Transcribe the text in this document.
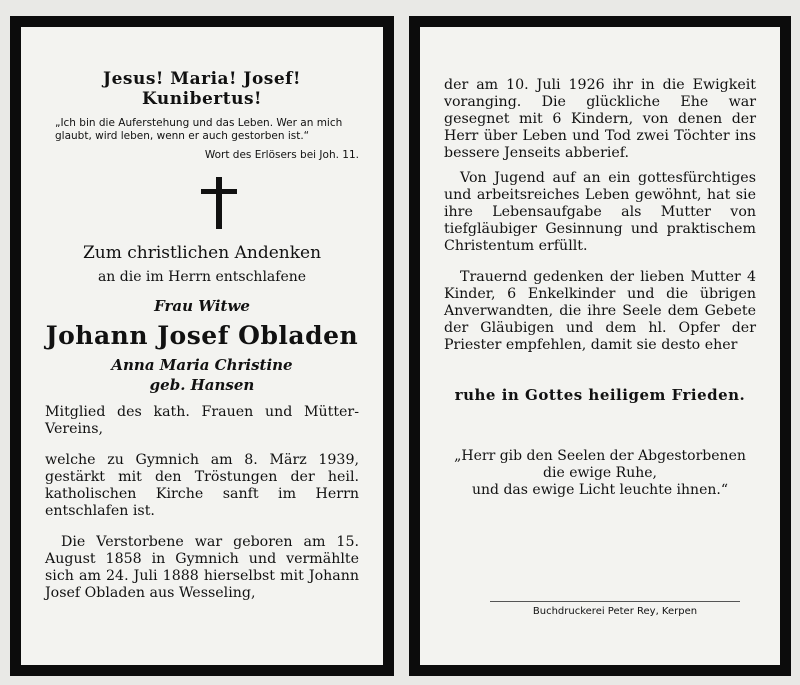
Jesus! Maria! Josef! Kunibertus!

„Ich bin die Auferstehung und das Leben. Wer an mich glaubt, wird leben, wenn er auch gestorben ist.“

Wort des Erlösers bei Joh. 11.

Zum christlichen Andenken
an die im Herrn entschlafene
Frau Witwe
Johann Josef Obladen
Anna Maria Christine
geb. Hansen

Mitglied des kath. Frauen und Mütter-Vereins,

welche zu Gymnich am 8. März 1939, gestärkt mit den Tröstungen der heil. katholischen Kirche sanft im Herrn entschlafen ist.

Die Verstorbene war geboren am 15. August 1858 in Gymnich und vermählte sich am 24. Juli 1888 hierselbst mit Johann Josef Obladen aus Wesseling,

der am 10. Juli 1926 ihr in die Ewigkeit voranging. Die glückliche Ehe war gesegnet mit 6 Kindern, von denen der Herr über Leben und Tod zwei Töchter ins bessere Jenseits abberief.

Von Jugend auf an ein gottesfürchtiges und arbeitsreiches Leben gewöhnt, hat sie ihre Lebensaufgabe als Mutter von tiefgläubiger Gesinnung und praktischem Christentum erfüllt.

Trauernd gedenken der lieben Mutter 4 Kinder, 6 Enkelkinder und die übrigen Anverwandten, die ihre Seele dem Gebete der Gläubigen und dem hl. Opfer der Priester empfehlen, damit sie desto eher

ruhe in Gottes heiligem Frieden.
„Herr gib den Seelen der Abgestorbenen
die ewige Ruhe,
und das ewige Licht leuchte ihnen.“
Buchdruckerei Peter Rey, Kerpen
